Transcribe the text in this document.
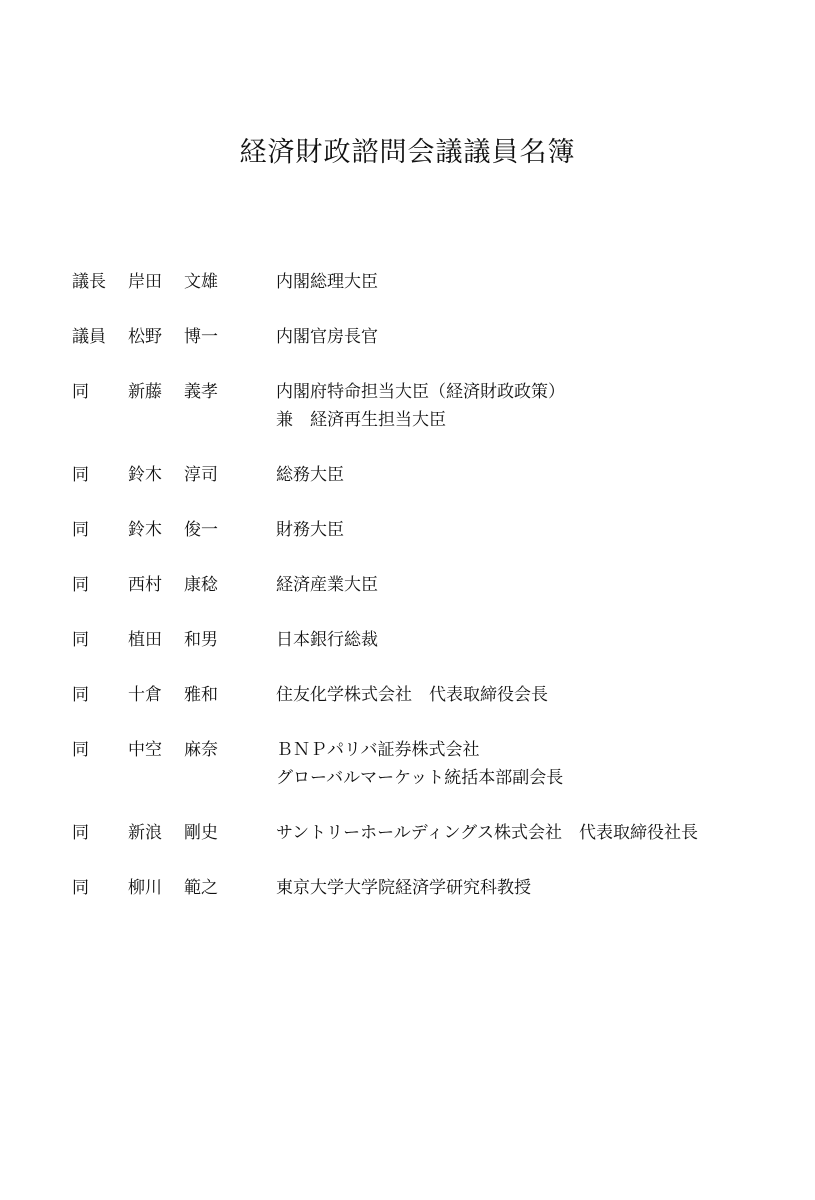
経済財政諮問会議議員名簿
議長	岸田	文雄	内閣総理大臣
議員	松野	博一	内閣官房長官
同	新藤	義孝	内閣府特命担当大臣（経済財政政策）
兼　経済再生担当大臣
同	鈴木	淳司	総務大臣
同	鈴木	俊一	財務大臣
同	西村	康稔	経済産業大臣
同	植田	和男	日本銀行総裁
同	十倉	雅和	住友化学株式会社　代表取締役会長
同	中空	麻奈	ＢＮＰパリバ証券株式会社
グローバルマーケット統括本部副会長
同	新浪	剛史	サントリーホールディングス株式会社　代表取締役社長
同	柳川	範之	東京大学大学院経済学研究科教授
